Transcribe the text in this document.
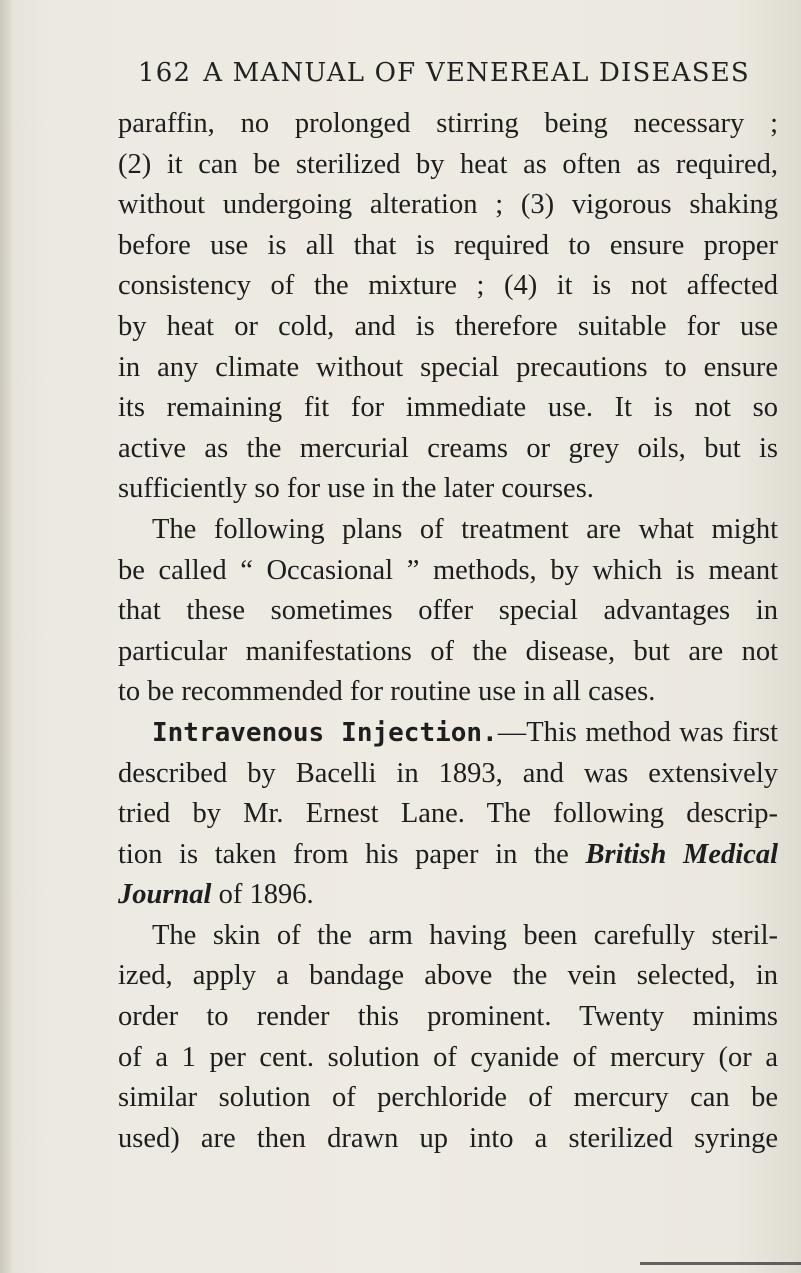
162 A MANUAL OF VENEREAL DISEASES
paraffin, no prolonged stirring being necessary ;
(2) it can be sterilized by heat as often as required,
without undergoing alteration ; (3) vigorous shaking
before use is all that is required to ensure proper
consistency of the mixture ; (4) it is not affected
by heat or cold, and is therefore suitable for use
in any climate without special precautions to ensure
its remaining fit for immediate use. It is not so
active as the mercurial creams or grey oils, but is
sufficiently so for use in the later courses.
The following plans of treatment are what might
be called “ Occasional ” methods, by which is meant
that these sometimes offer special advantages in
particular manifestations of the disease, but are not
to be recommended for routine use in all cases.
Intravenous Injection.—This method was first
described by Bacelli in 1893, and was extensively
tried by Mr. Ernest Lane. The following descrip-
tion is taken from his paper in the British Medical
Journal of 1896.
The skin of the arm having been carefully steril-
ized, apply a bandage above the vein selected, in
order to render this prominent. Twenty minims
of a 1 per cent. solution of cyanide of mercury (or a
similar solution of perchloride of mercury can be
used) are then drawn up into a sterilized syringe
